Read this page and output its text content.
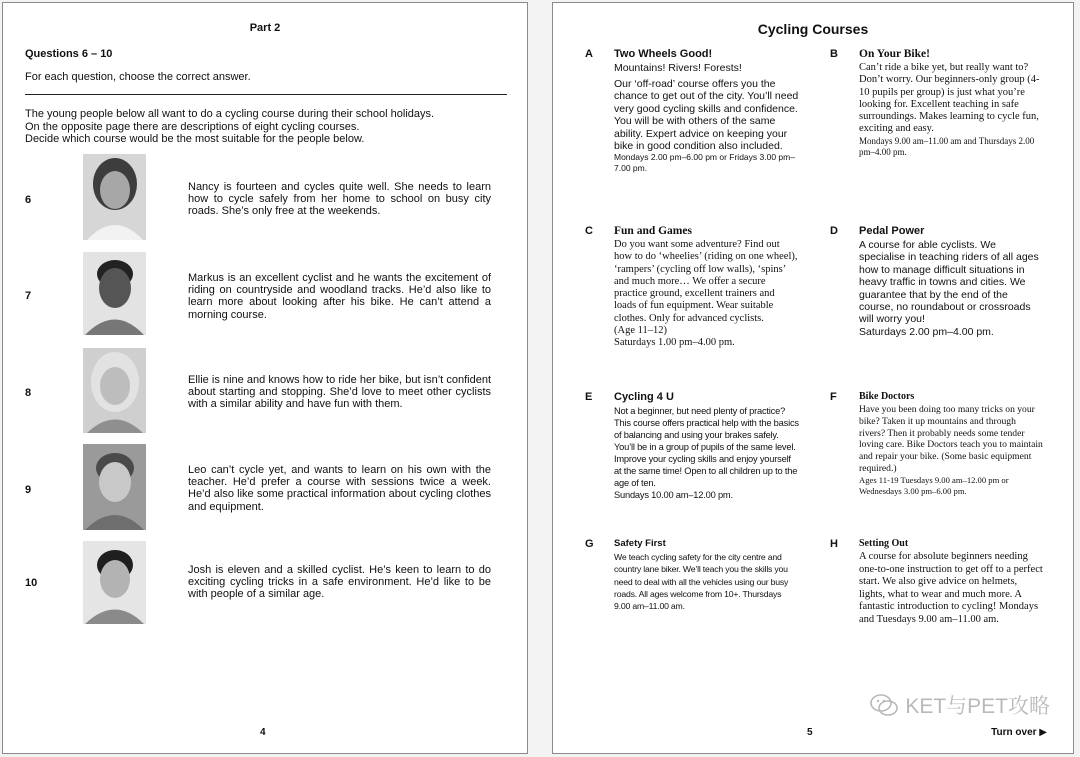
Part 2
Questions 6 – 10
For each question, choose the correct answer.
The young people below all want to do a cycling course during their school holidays.
On the opposite page there are descriptions of eight cycling courses.
Decide which course would be the most suitable for the people below.
6
Nancy is fourteen and cycles quite well. She needs to learn how to cycle safely from her home to school on busy city roads. She’s only free at the weekends.
7
Markus is an excellent cyclist and he wants the excitement of riding on countryside and woodland tracks. He’d also like to learn more about looking after his bike. He can’t attend a morning course.
8
Ellie is nine and knows how to ride her bike, but isn’t confident about starting and stopping. She’d love to meet other cyclists with a similar ability and have fun with them.
9
Leo can’t cycle yet, and wants to learn on his own with the teacher. He’d prefer a course with sessions twice a week. He’d also like some practical information about cycling clothes and equipment.
10
Josh is eleven and a skilled cyclist. He’s keen to learn to do exciting cycling tricks in a safe environment. He’d like to be with people of a similar age.
4
Cycling Courses
A Two Wheels Good!
Mountains! Rivers! Forests!
Our ‘off-road’ course offers you the chance to get out of the city. You’ll need very good cycling skills and confidence. You will be with others of the same ability. Expert advice on keeping your bike in good condition also included.
Mondays 2.00 pm–6.00 pm or Fridays 3.00 pm–7.00 pm.
B On Your Bike!
Can’t ride a bike yet, but really want to? Don’t worry. Our beginners-only group (4-10 pupils per group) is just what you’re looking for. Excellent teaching in safe surroundings. Makes learning to cycle fun, exciting and easy.
Mondays 9.00 am–11.00 am and Thursdays 2.00 pm–4.00 pm.
C Fun and Games
Do you want some adventure? Find out how to do ‘wheelies’ (riding on one wheel), ‘rampers’ (cycling off low walls), ‘spins’ and much more… We offer a secure practice ground, excellent trainers and loads of fun equipment. Wear suitable clothes. Only for advanced cyclists.
(Age 11–12)
Saturdays 1.00 pm–4.00 pm.
D Pedal Power
A course for able cyclists. We specialise in teaching riders of all ages how to manage difficult situations in heavy traffic in towns and cities. We guarantee that by the end of the course, no roundabout or crossroads will worry you!
Saturdays 2.00 pm–4.00 pm.
E Cycling 4 U
Not a beginner, but need plenty of practice? This course offers practical help with the basics of balancing and using your brakes safely. You’ll be in a group of pupils of the same level. Improve your cycling skills and enjoy yourself at the same time! Open to all children up to the age of ten.
Sundays 10.00 am–12.00 pm.
F Bike Doctors
Have you been doing too many tricks on your bike? Taken it up mountains and through rivers? Then it probably needs some tender loving care. Bike Doctors teach you to maintain and repair your bike. (Some basic equipment required.)
Ages 11-19 Tuesdays 9.00 am–12.00 pm or Wednesdays 3.00 pm–6.00 pm.
G Safety First
We teach cycling safety for the city centre and country lane biker. We’ll teach you the skills you need to deal with all the vehicles using our busy roads. All ages welcome from 10+. Thursdays 9.00 am–11.00 am.
H Setting Out
A course for absolute beginners needing one-to-one instruction to get off to a perfect start. We also give advice on helmets, lights, what to wear and much more. A fantastic introduction to cycling! Mondays and Tuesdays 9.00 am–11.00 am.
5	Turn over ▶
KET与PET攻略
